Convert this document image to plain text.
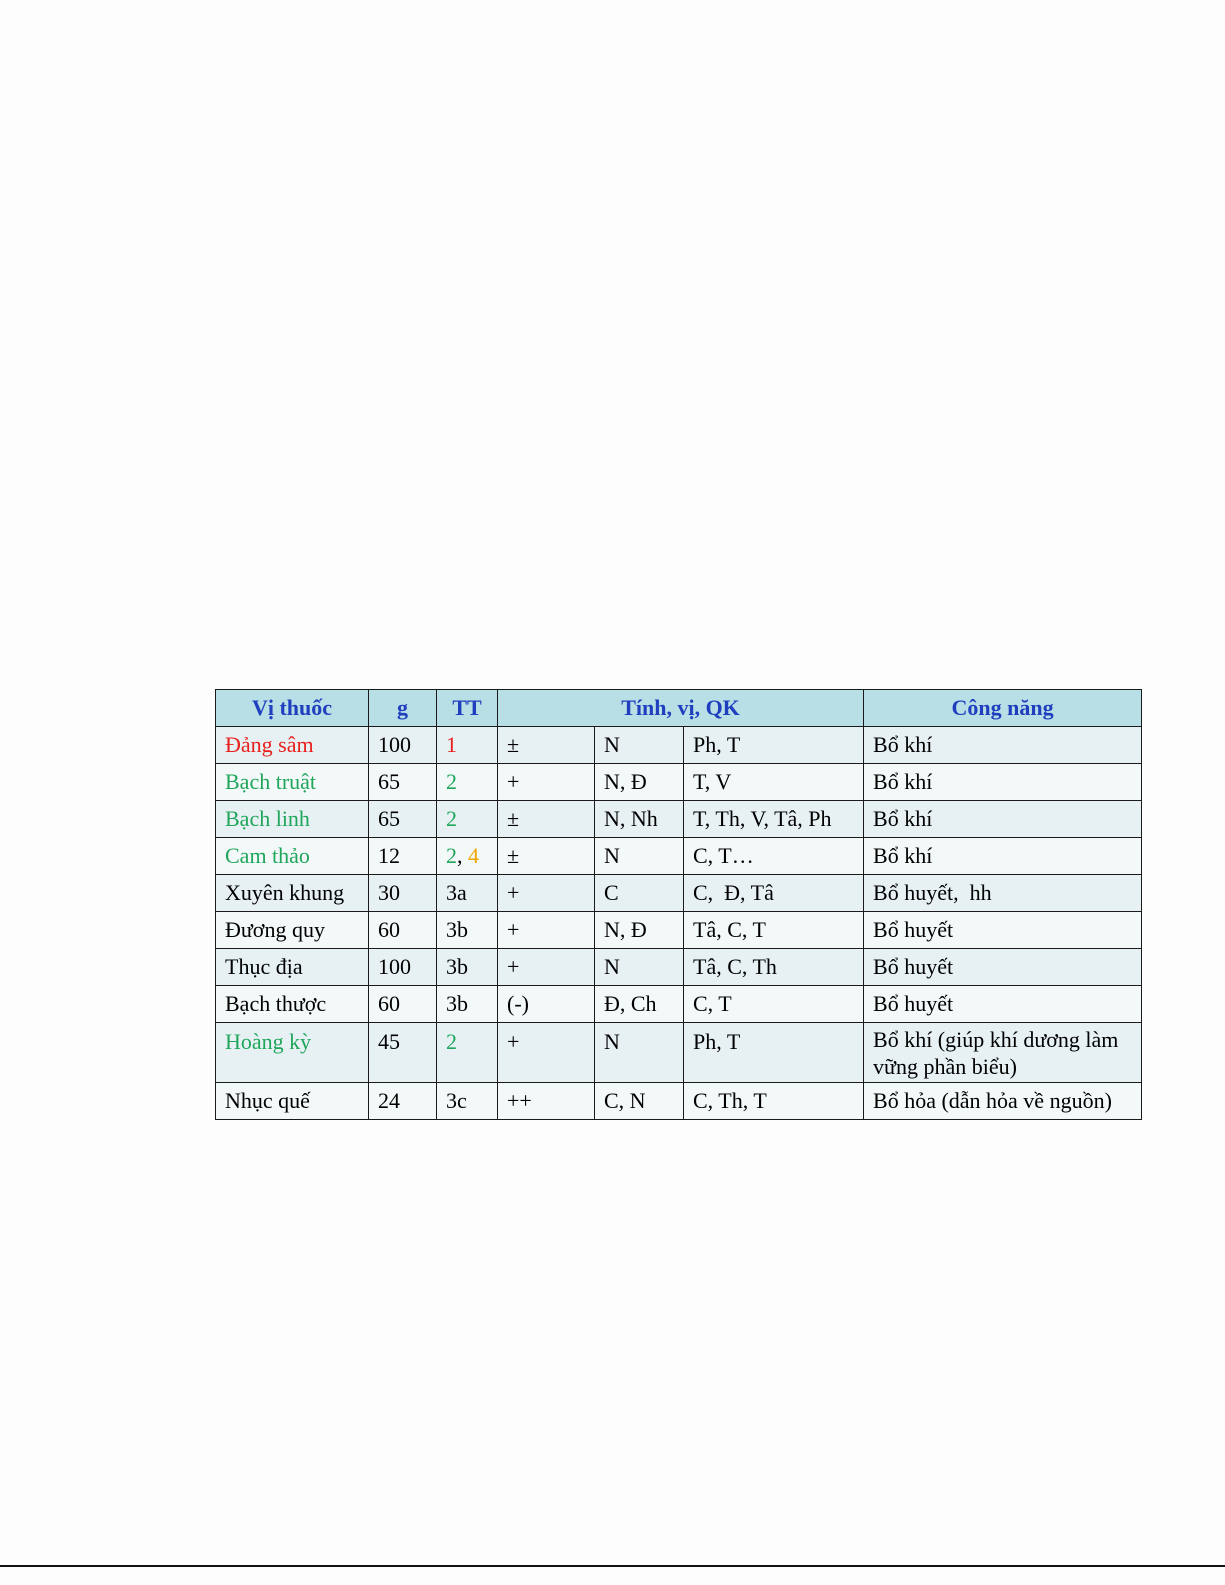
Vị thuốc	g	TT	Tính, vị, QK			Công năng
Đảng sâm	100	1	±	N	Ph, T	Bổ khí
Bạch truật	65	2	+	N, Đ	T, V	Bổ khí
Bạch linh	65	2	±	N, Nh	T, Th, V, Tâ, Ph	Bổ khí
Cam thảo	12	2, 4	±	N	C, T…	Bổ khí
Xuyên khung	30	3a	+	C	C,  Đ, Tâ	Bổ huyết,  hh
Đương quy	60	3b	+	N, Đ	Tâ, C, T	Bổ huyết
Thục địa	100	3b	+	N	Tâ, C, Th	Bổ huyết
Bạch thược	60	3b	(-)	Đ, Ch	C, T	Bổ huyết
Hoàng kỳ	45	2	+	N	Ph, T	Bổ khí (giúp khí dương làm vững phần biểu)
Nhục quế	24	3c	++	C, N	C, Th, T	Bổ hỏa (dẫn hỏa về nguồn)
